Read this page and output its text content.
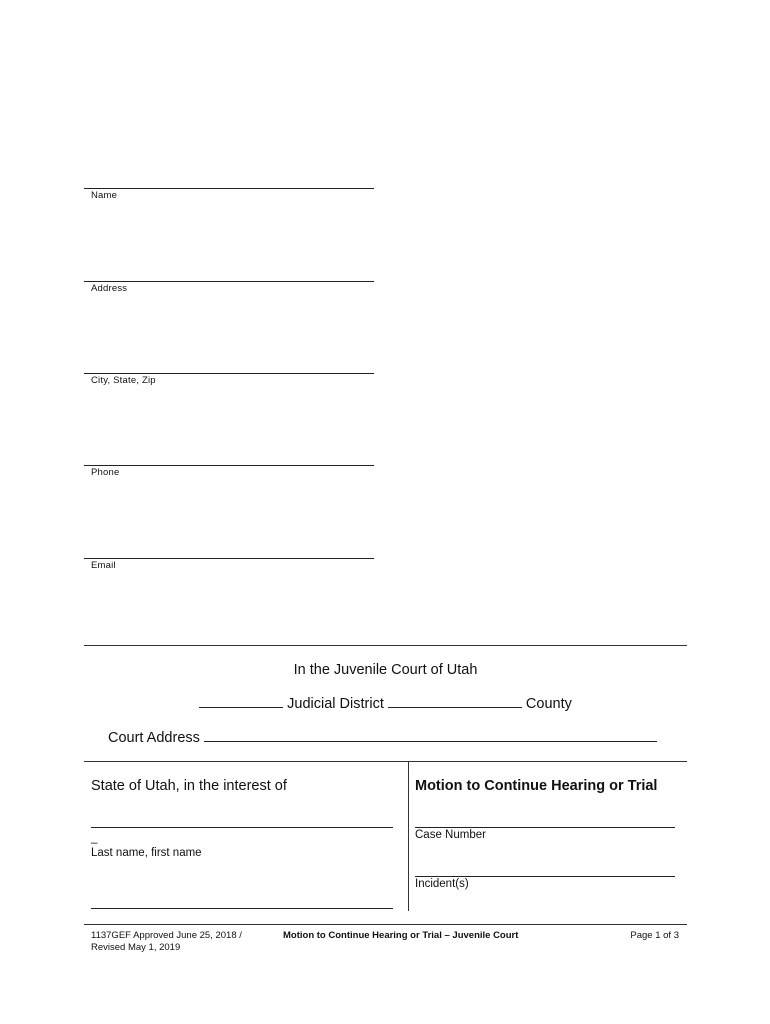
Name
Address
City, State, Zip
Phone
Email
In the Juvenile Court of Utah
Judicial District	County
Court Address
State of Utah, in the interest of
_
Last name, first name
Motion to Continue Hearing or Trial
Case Number
Incident(s)
1137GEF Approved June 25, 2018 /
Revised May 1, 2019
Motion to Continue Hearing or Trial – Juvenile Court	Page 1 of 3
